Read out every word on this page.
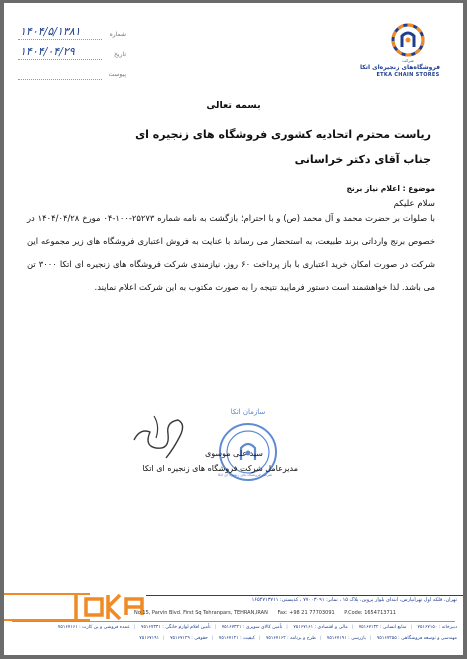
۱۴۰۴/۵/۱۳۸۱	شماره
۱۴۰۴/۰۴/۲۹	تاریخ
پیوست
شرکت
فروشگاه‌های زنجیره‌ای اتکا
ETKA CHAIN STORES
بسمه تعالی
ریاست محترم اتحادیه کشوری فروشگاه های زنجیره ای
جناب آقای دکتر خراسانی
موضوع : اعلام نیاز برنج
سلام علیکم
با صلوات بر حضرت محمد و آل محمد (ص) و با احترام؛ بازگشت به نامه شماره ۲۵۲۷۳-۱۰۰-۰۴ مورخ ۱۴۰۴/۰۴/۲۸ در خصوص برنج وارداتی برند طبیعت، به استحضار می رساند با عنایت به فروش اعتباری فروشگاه های زیر مجموعه این شرکت در صورت امکان خرید اعتباری با باز پرداخت ۶۰ روز، نیازمندی شرکت فروشگاه های زنجیره ای اتکا ۳۰۰۰ تن می باشد. لذا خواهشمند است دستور فرمایید نتیجه را به صورت مکتوب به این شرکت اعلام نمایند.
سازمان اتکا
شرکت فروشگاه های زنجیره ای اتکا
سید علی موسوی
مدیرعامل شرکت فروشگاه های زنجیره ای اتکا
تهران، فلکه اول تهرانپارس، ابتدای بلوار پروین، پلاک ۱۵ ، نمابر: ۷۷۰۰۳۰۹۱ ، کدپستی: ۱۶۵۴۷۱۳۷۱۱
No 15, Parvin Blvd. First Sq Tehranpars, TEHRAN,IRAN Fax: +98 21 77703091 P.Code: 1654713711
دبیرخانه : ۷۵۱۶۷۱۵۰ | منابع انسانی : ۷۵۱۶۷۱۳۲ | مالی و اقتصادی : ۷۵۱۶۷۱۶۱ | تأمین کالای سوپری : ۷۵۱۶۷۳۲۱ | تأمین اقلام لوازم خانگی : ۷۵۱۶۷۳۳۱ | عمده فروشی و بن کارت : ۷۵۱۶۷۱۶۱
مهندسی و توسعه فروشگاهی : ۷۵۱۶۷۲۵۵ | بازرسی : ۷۵۱۶۷۱۹۱ | طرح و برنامه : ۷۵۱۶۷۱۶۲ | کیفیت : ۷۵۱۶۷۱۲۱ | حقوقی : ۷۵۱۶۷۱۲۹ | ۷۵۱۶۷۱۹۱
